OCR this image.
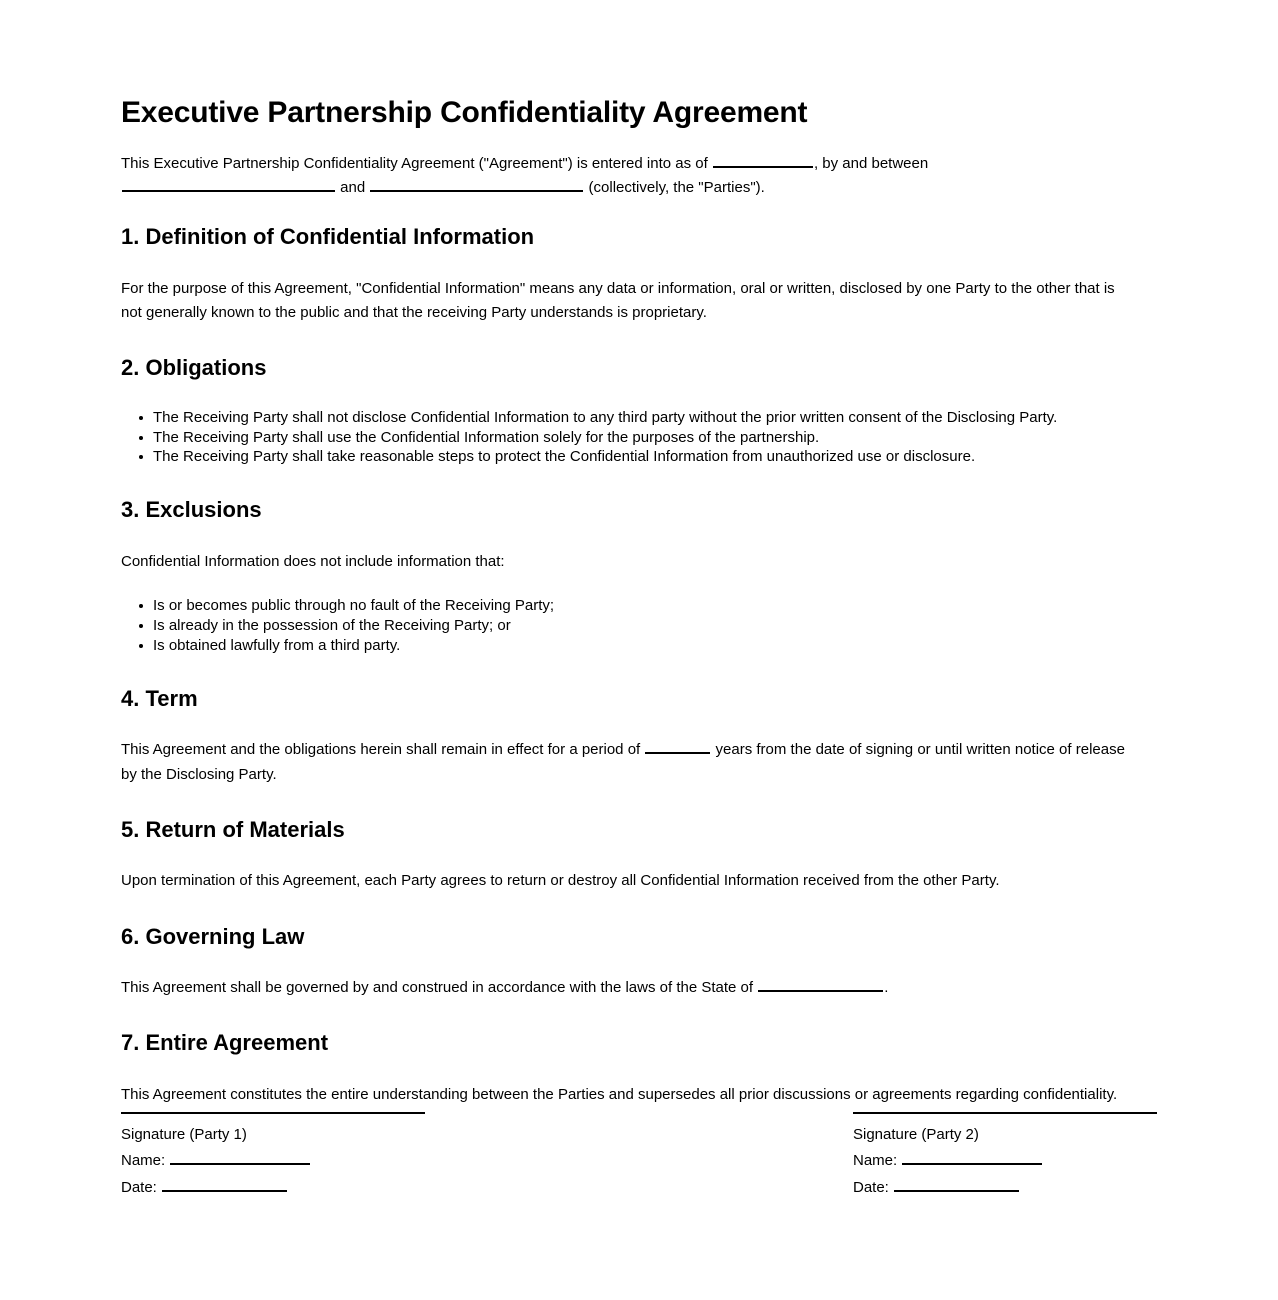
Executive Partnership Confidentiality Agreement

This Executive Partnership Confidentiality Agreement ("Agreement") is entered into as of	, by and between  and	(collectively, the "Parties").

1. Definition of Confidential Information

For the purpose of this Agreement, "Confidential Information" means any data or information, oral or written, disclosed by one Party to the other that is not generally known to the public and that the receiving Party understands is proprietary.

2. Obligations
The Receiving Party shall not disclose Confidential Information to any third party without the prior written consent of the Disclosing Party.
The Receiving Party shall use the Confidential Information solely for the purposes of the partnership.
The Receiving Party shall take reasonable steps to protect the Confidential Information from unauthorized use or disclosure.
3. Exclusions

Confidential Information does not include information that:

Is or becomes public through no fault of the Receiving Party;
Is already in the possession of the Receiving Party; or
Is obtained lawfully from a third party.
4. Term

This Agreement and the obligations herein shall remain in effect for a period of	years from the date of signing or until written notice of release by the Disclosing Party.

5. Return of Materials

Upon termination of this Agreement, each Party agrees to return or destroy all Confidential Information received from the other Party.

6. Governing Law

This Agreement shall be governed by and construed in accordance with the laws of the State of	.

7. Entire Agreement

This Agreement constitutes the entire understanding between the Parties and supersedes all prior discussions or agreements regarding confidentiality.

Signature (Party 1)

Name:

Date:

Signature (Party 2)

Name:

Date:
